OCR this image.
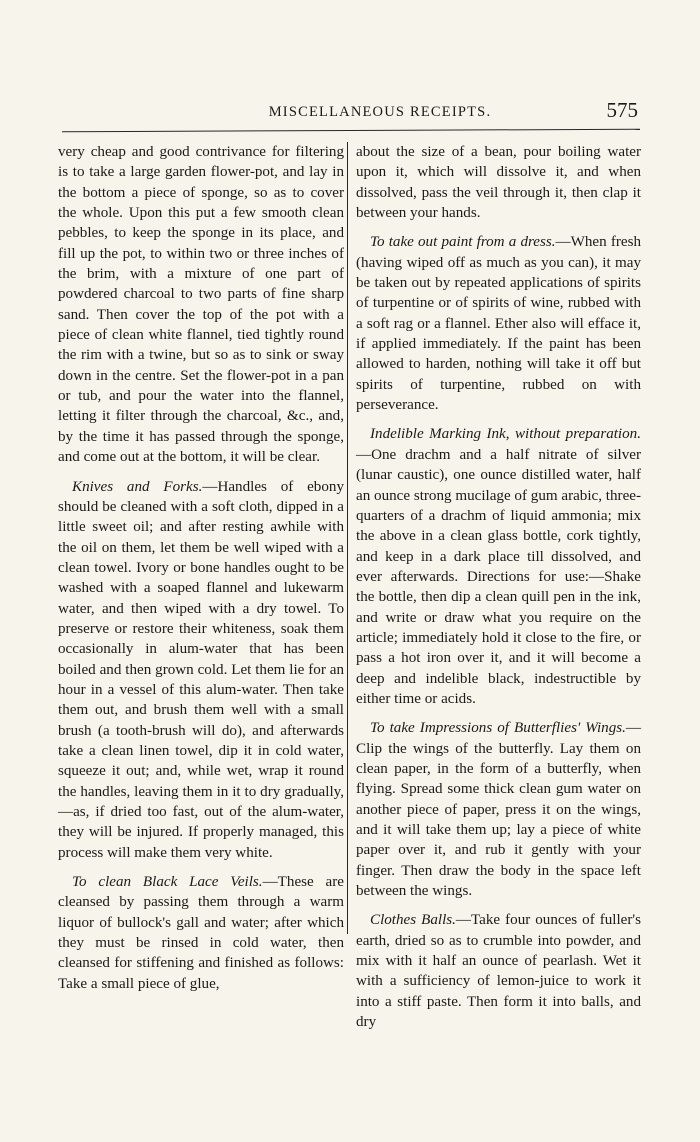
MISCELLANEOUS RECEIPTS.	575

very cheap and good contrivance for filtering is to take a large garden flower-pot, and lay in the bottom a piece of sponge, so as to cover the whole. Upon this put a few smooth clean pebbles, to keep the sponge in its place, and fill up the pot, to within two or three inches of the brim, with a mixture of one part of powdered charcoal to two parts of fine sharp sand. Then cover the top of the pot with a piece of clean white flannel, tied tightly round the rim with a twine, but so as to sink or sway down in the centre. Set the flower-pot in a pan or tub, and pour the water into the flannel, letting it filter through the charcoal, &c., and, by the time it has passed through the sponge, and come out at the bottom, it will be clear.

Knives and Forks.—Handles of ebony should be cleaned with a soft cloth, dipped in a little sweet oil; and after resting awhile with the oil on them, let them be well wiped with a clean towel. Ivory or bone handles ought to be washed with a soaped flannel and lukewarm water, and then wiped with a dry towel. To preserve or restore their whiteness, soak them occasionally in alum-water that has been boiled and then grown cold. Let them lie for an hour in a vessel of this alum-water. Then take them out, and brush them well with a small brush (a tooth-brush will do), and afterwards take a clean linen towel, dip it in cold water, squeeze it out; and, while wet, wrap it round the handles, leaving them in it to dry gradually,—as, if dried too fast, out of the alum-water, they will be injured. If properly managed, this process will make them very white.

To clean Black Lace Veils.—These are cleansed by passing them through a warm liquor of bullock's gall and water; after which they must be rinsed in cold water, then cleansed for stiffening and finished as follows: Take a small piece of glue,

about the size of a bean, pour boiling water upon it, which will dissolve it, and when dissolved, pass the veil through it, then clap it between your hands.

To take out paint from a dress.—When fresh (having wiped off as much as you can), it may be taken out by repeated applications of spirits of turpentine or of spirits of wine, rubbed with a soft rag or a flannel. Ether also will efface it, if applied immediately. If the paint has been allowed to harden, nothing will take it off but spirits of turpentine, rubbed on with perseverance.

Indelible Marking Ink, without preparation.—One drachm and a half nitrate of silver (lunar caustic), one ounce distilled water, half an ounce strong mucilage of gum arabic, three-quarters of a drachm of liquid ammonia; mix the above in a clean glass bottle, cork tightly, and keep in a dark place till dissolved, and ever afterwards. Directions for use:—Shake the bottle, then dip a clean quill pen in the ink, and write or draw what you require on the article; immediately hold it close to the fire, or pass a hot iron over it, and it will become a deep and indelible black, indestructible by either time or acids.

To take Impressions of Butterflies' Wings.—Clip the wings of the butterfly. Lay them on clean paper, in the form of a butterfly, when flying. Spread some thick clean gum water on another piece of paper, press it on the wings, and it will take them up; lay a piece of white paper over it, and rub it gently with your finger. Then draw the body in the space left between the wings.

Clothes Balls.—Take four ounces of fuller's earth, dried so as to crumble into powder, and mix with it half an ounce of pearlash. Wet it with a sufficiency of lemon-juice to work it into a stiff paste. Then form it into balls, and dry
